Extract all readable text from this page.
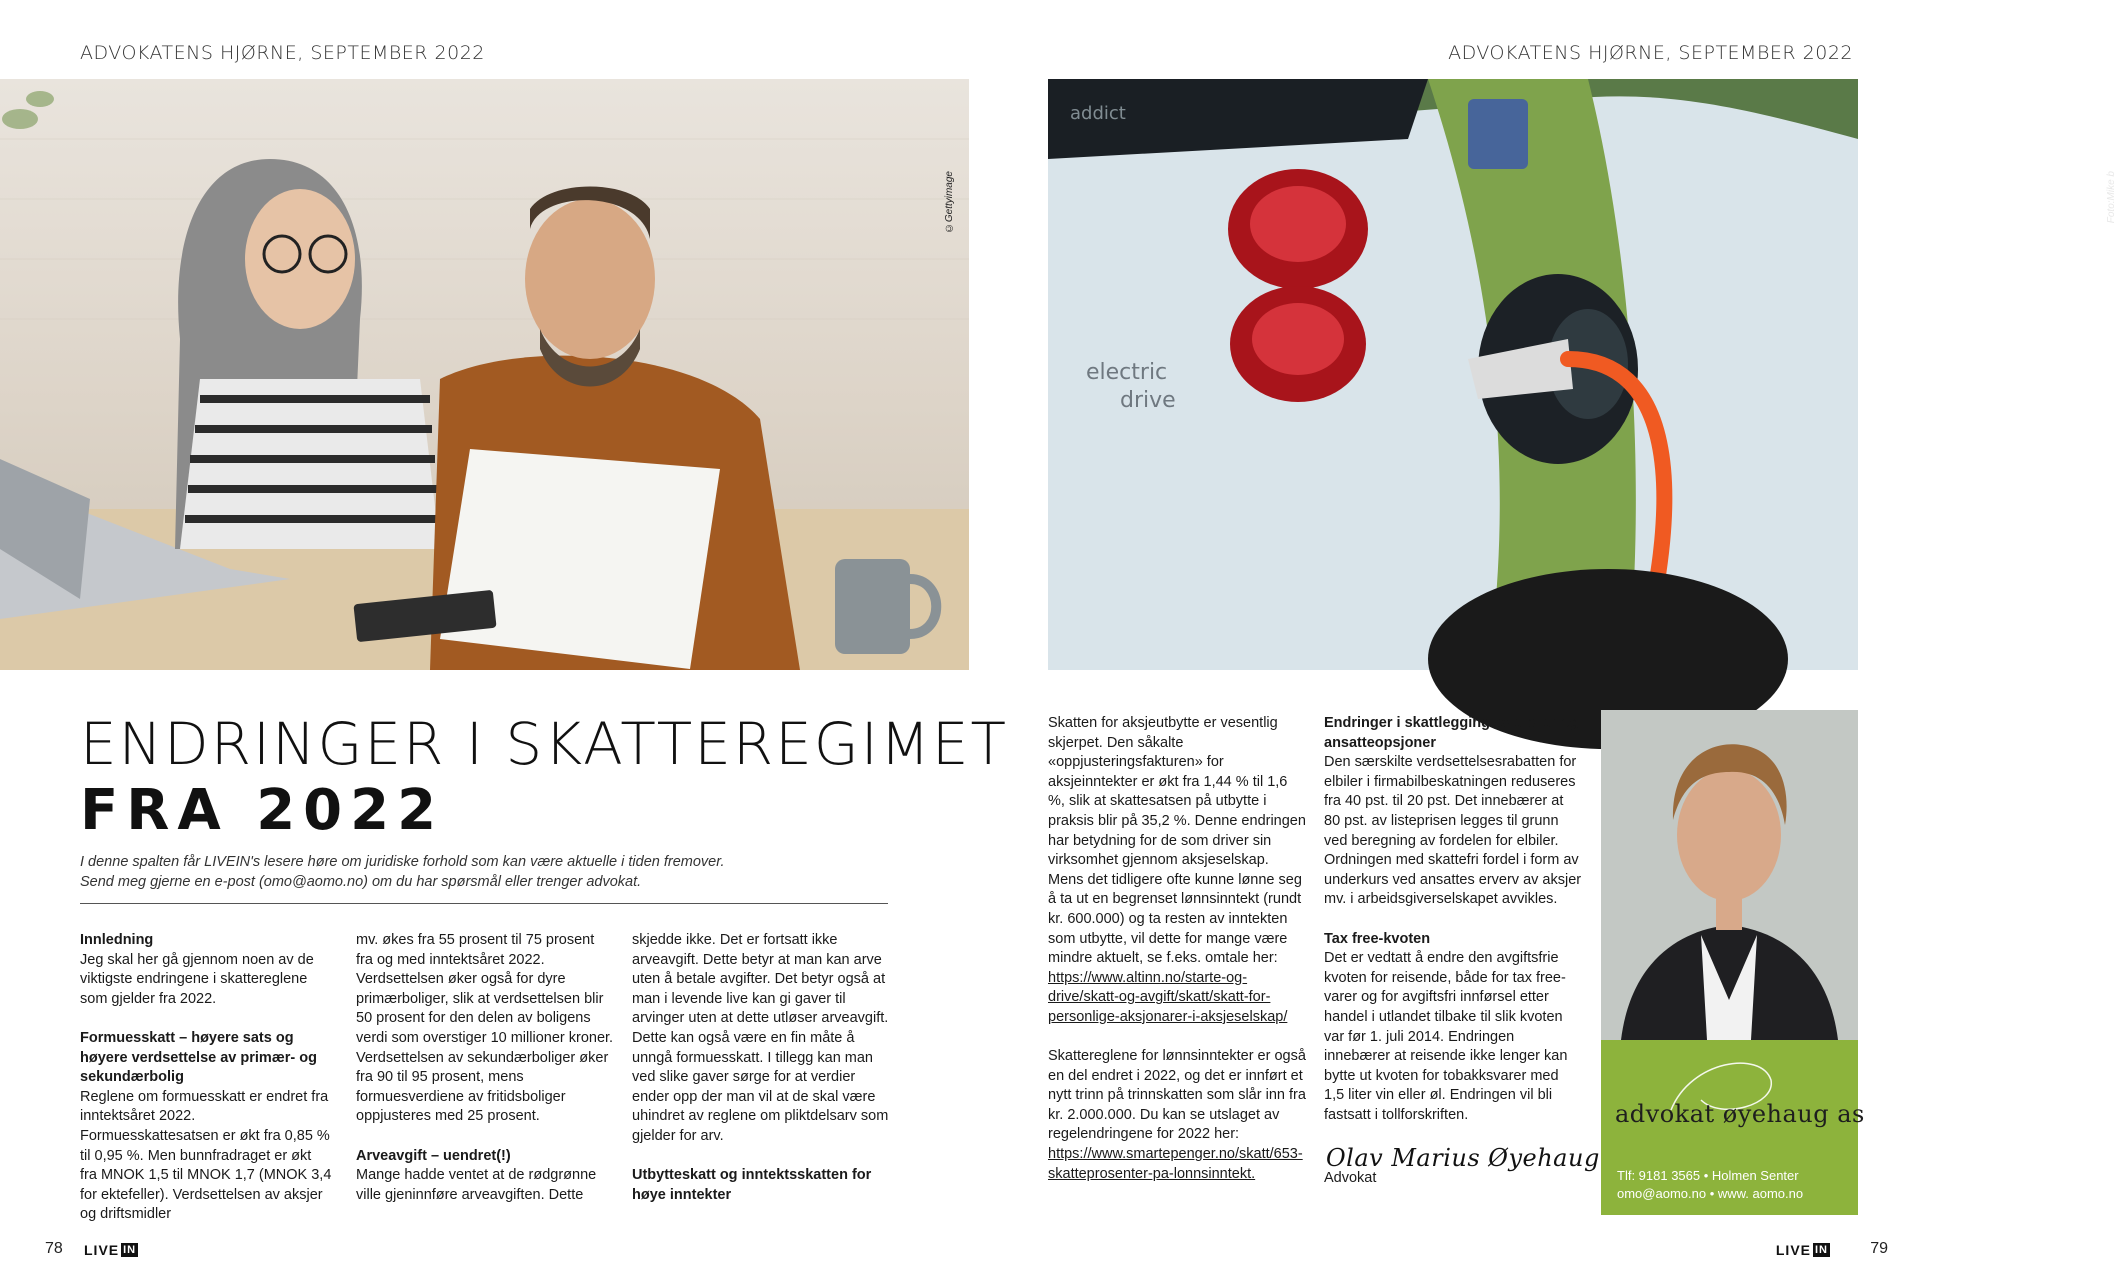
ADVOKATENS HJØRNE, SEPTEMBER 2022	ADVOKATENS HJØRNE, SEPTEMBER 2022
©Gettyimage
electric
drive
addict
Foto:Mike b
ENDRINGER I SKATTEREGIMET
FRA 2022
I denne spalten får LIVEIN's lesere høre om juridiske forhold som kan være aktuelle i tiden fremover.
Send meg gjerne en e-post (omo@aomo.no) om du har spørsmål eller trenger advokat.

Innledning
Jeg skal her gå gjennom noen av de viktigste endringene i skattereglene som gjelder fra 2022.

Formuesskatt – høyere sats og høyere verdsettelse av primær- og sekundærbolig
Reglene om formuesskatt er endret fra inntektsåret 2022. Formuesskattesatsen er økt fra 0,85 % til 0,95 %. Men bunnfradraget er økt fra MNOK 1,5 til MNOK 1,7 (MNOK 3,4 for ektefeller). Verdsettelsen av aksjer og driftsmidler

mv. økes fra 55 prosent til 75 prosent fra og med inntektsåret 2022. Verdsettelsen øker også for dyre primærboliger, slik at verdsettelsen blir 50 prosent for den delen av boligens verdi som overstiger 10 millioner kroner. Verdsettelsen av sekundærboliger øker fra 90 til 95 prosent, mens formuesverdiene av fritidsboliger oppjusteres med 25 prosent.

Arveavgift – uendret(!)
Mange hadde ventet at de rødgrønne ville gjeninnføre arveavgiften. Dette

skjedde ikke. Det er fortsatt ikke arveavgift. Dette betyr at man kan arve uten å betale avgifter. Det betyr også at man i levende live kan gi gaver til arvinger uten at dette utløser arveavgift. Dette kan også være en fin måte å unngå formuesskatt. I tillegg kan man ved slike gaver sørge for at verdier ender opp der man vil at de skal være uhindret av reglene om pliktdelsarv som gjelder for arv.

Utbytteskatt og inntektsskatten for høye inntekter

Skatten for aksjeutbytte er vesentlig skjerpet. Den såkalte «oppjusteringsfakturen» for aksjeinntekter er økt fra 1,44 % til 1,6 %, slik at skattesatsen på utbytte i praksis blir på 35,2 %. Denne endringen har betydning for de som driver sin virksomhet gjennom aksjeselskap. Mens det tidligere ofte kunne lønne seg å ta ut en begrenset lønnsinntekt (rundt kr. 600.000) og ta resten av inntekten som utbytte, vil dette for mange være mindre aktuelt, se f.eks. omtale her:
https://www.altinn.no/starte-og-drive/skatt-og-avgift/skatt/skatt-for-personlige-aksjonarer-i-aksjeselskap/

Skattereglene for lønnsinntekter er også en del endret i 2022, og det er innført et nytt trinn på trinnskatten som slår inn fra kr. 2.000.000. Du kan se utslaget av regelendringene for 2022 her: https://www.smartepenger.no/skatt/653-skatteprosenter-pa-lonnsinntekt.

Endringer i skattlegging av elbiler og ansatteopsjoner
Den særskilte verdsettelsesrabatten for elbiler i firmabilbeskatningen reduseres fra 40 pst. til 20 pst. Det innebærer at 80 pst. av listeprisen legges til grunn ved beregning av fordelen for elbiler. Ordningen med skattefri fordel i form av underkurs ved ansattes erverv av aksjer mv. i arbeidsgiverselskapet avvikles.

Tax free-kvoten
Det er vedtatt å endre den avgiftsfrie kvoten for reisende, både for tax free-varer og for avgiftsfri innførsel etter handel i utlandet tilbake til slik kvoten var før 1. juli 2014. Endringen innebærer at reisende ikke lenger kan bytte ut kvoten for tobakksvarer med 1,5 liter vin eller øl. Endringen vil bli fastsatt i tollforskriften.

Olav Marius Øyehaug
Advokat
advokat øyehaug as
Tlf: 9181 3565 • Holmen Senter
omo@aomo.no • www. aomo.no
78 LIVE IN	LIVE IN	79
